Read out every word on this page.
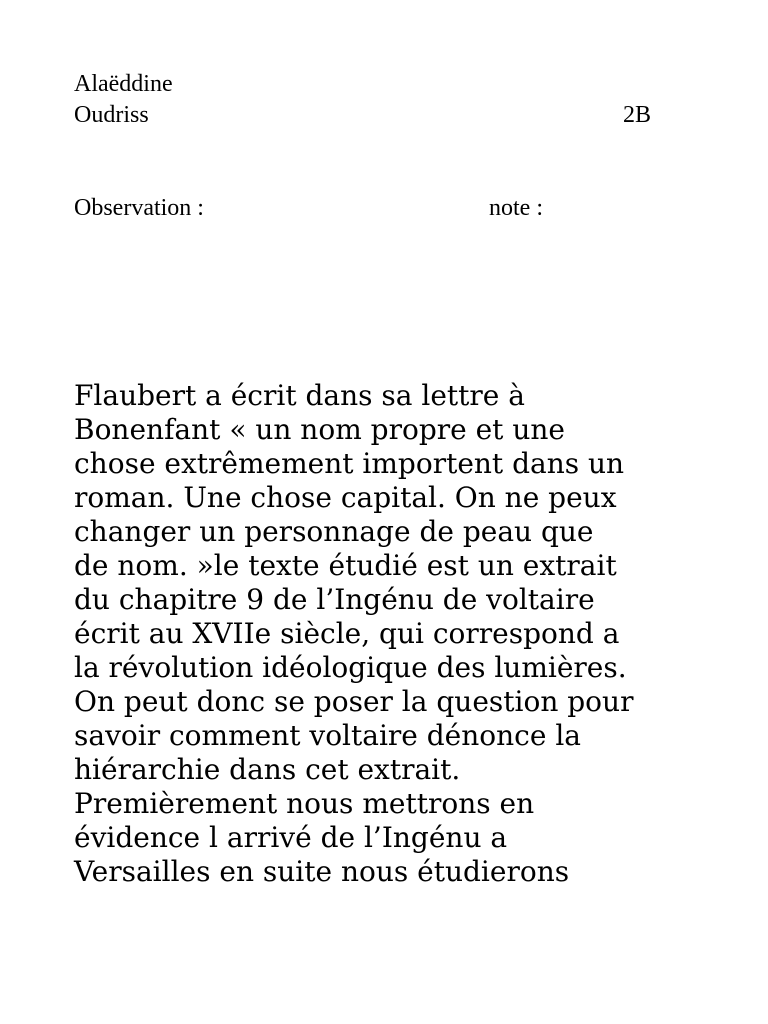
Alaëddine
Oudriss	2B
Observation :	note :
Flaubert a écrit dans sa lettre à
Bonenfant « un nom propre et une
chose extrêmement importent dans un
roman. Une chose capital. On ne peux
changer un personnage de peau que
de nom. »le texte étudié est un extrait
du chapitre 9 de l’Ingénu de voltaire
écrit au XVIIe siècle, qui correspond a
la révolution idéologique des lumières.
On peut donc se poser la question pour
savoir comment voltaire dénonce la
hiérarchie dans cet extrait.
Premièrement nous mettrons en
évidence l arrivé de l’Ingénu a
Versailles en suite nous étudierons
